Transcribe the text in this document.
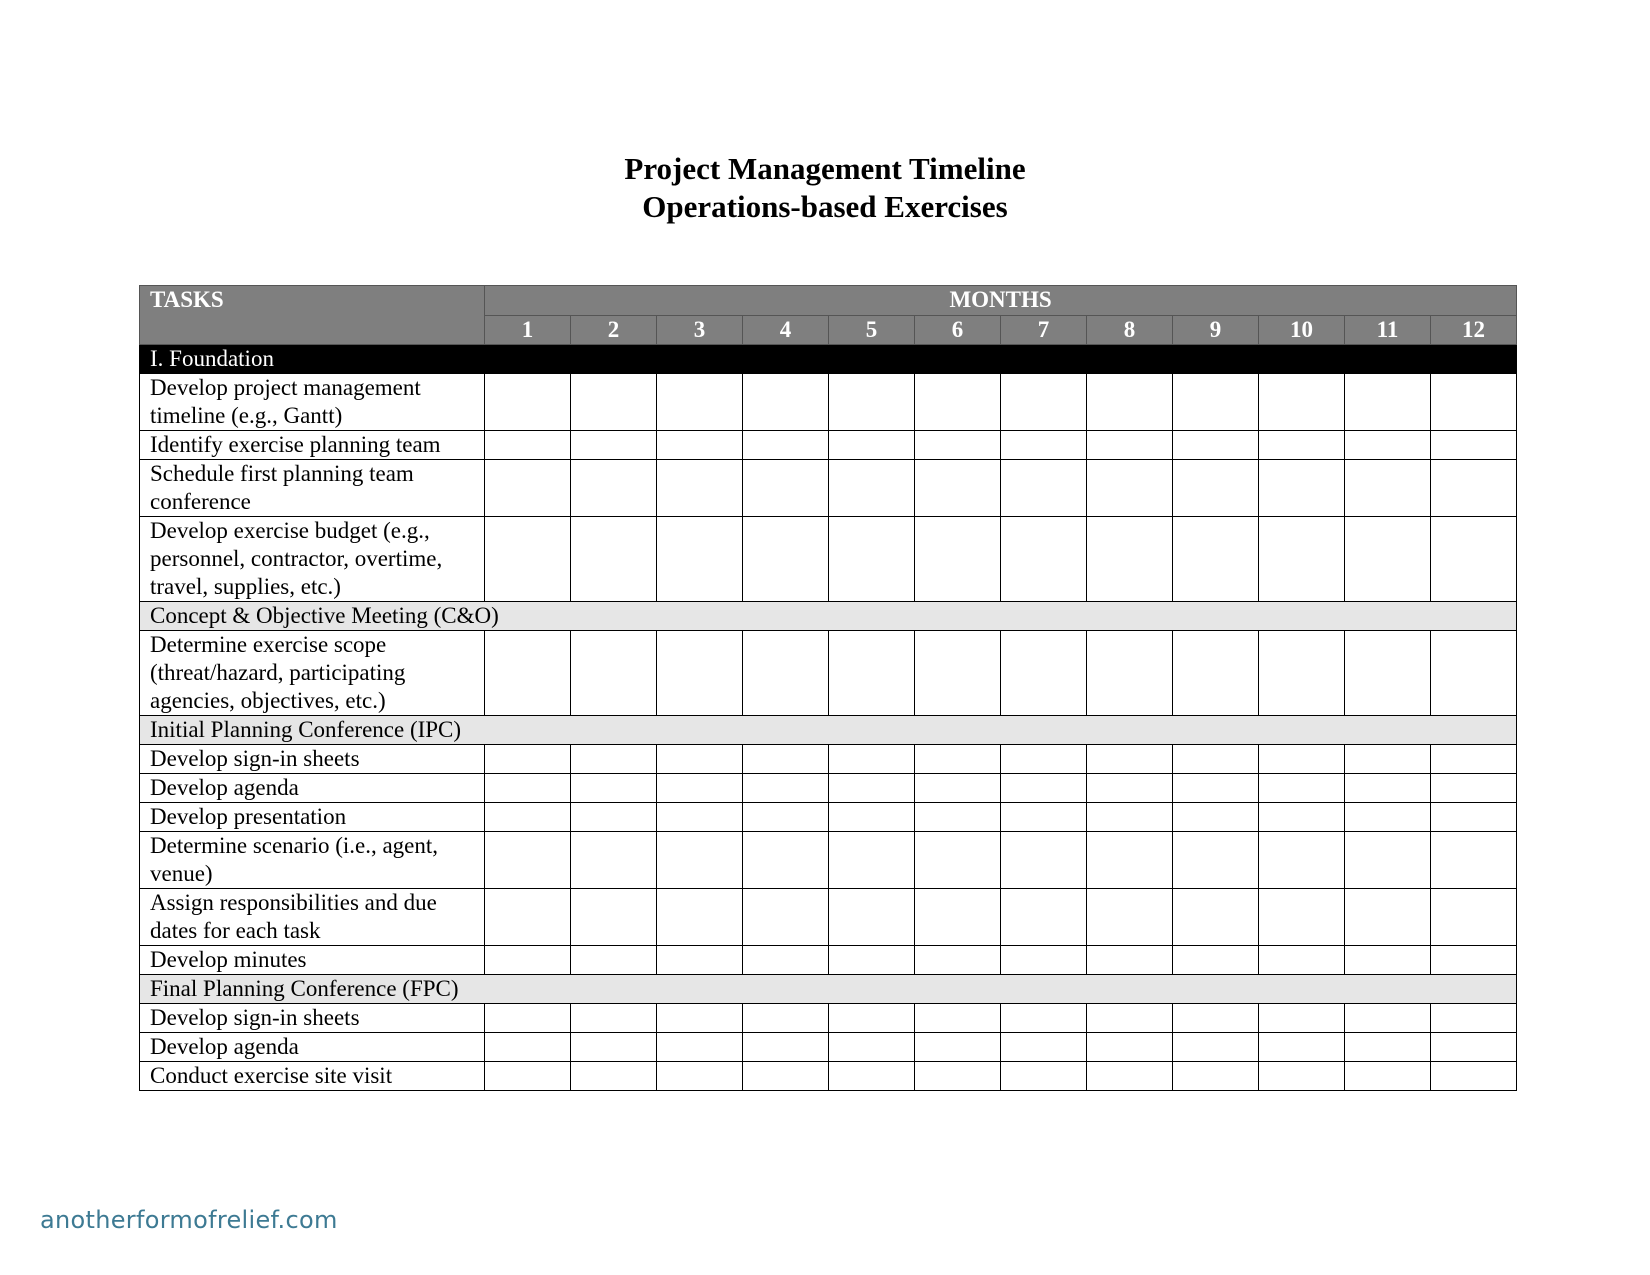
Project Management Timeline
Operations-based Exercises
TASKS	MONTHS											
	1	2	3	4	5	6	7	8	9	10	11	12
I. Foundation												
Develop project management timeline (e.g., Gantt)												
Identify exercise planning team												
Schedule first planning team conference												
Develop exercise budget (e.g., personnel, contractor, overtime, travel, supplies, etc.)												
Concept & Objective Meeting (C&O)												
Determine exercise scope (threat/hazard, participating agencies, objectives, etc.)												
Initial Planning Conference (IPC)												
Develop sign-in sheets												
Develop agenda												
Develop presentation												
Determine scenario (i.e., agent, venue)												
Assign responsibilities and due dates for each task												
Develop minutes												
Final Planning Conference (FPC)												
Develop sign-in sheets												
Develop agenda												
Conduct exercise site visit												
anotherformofrelief.com
